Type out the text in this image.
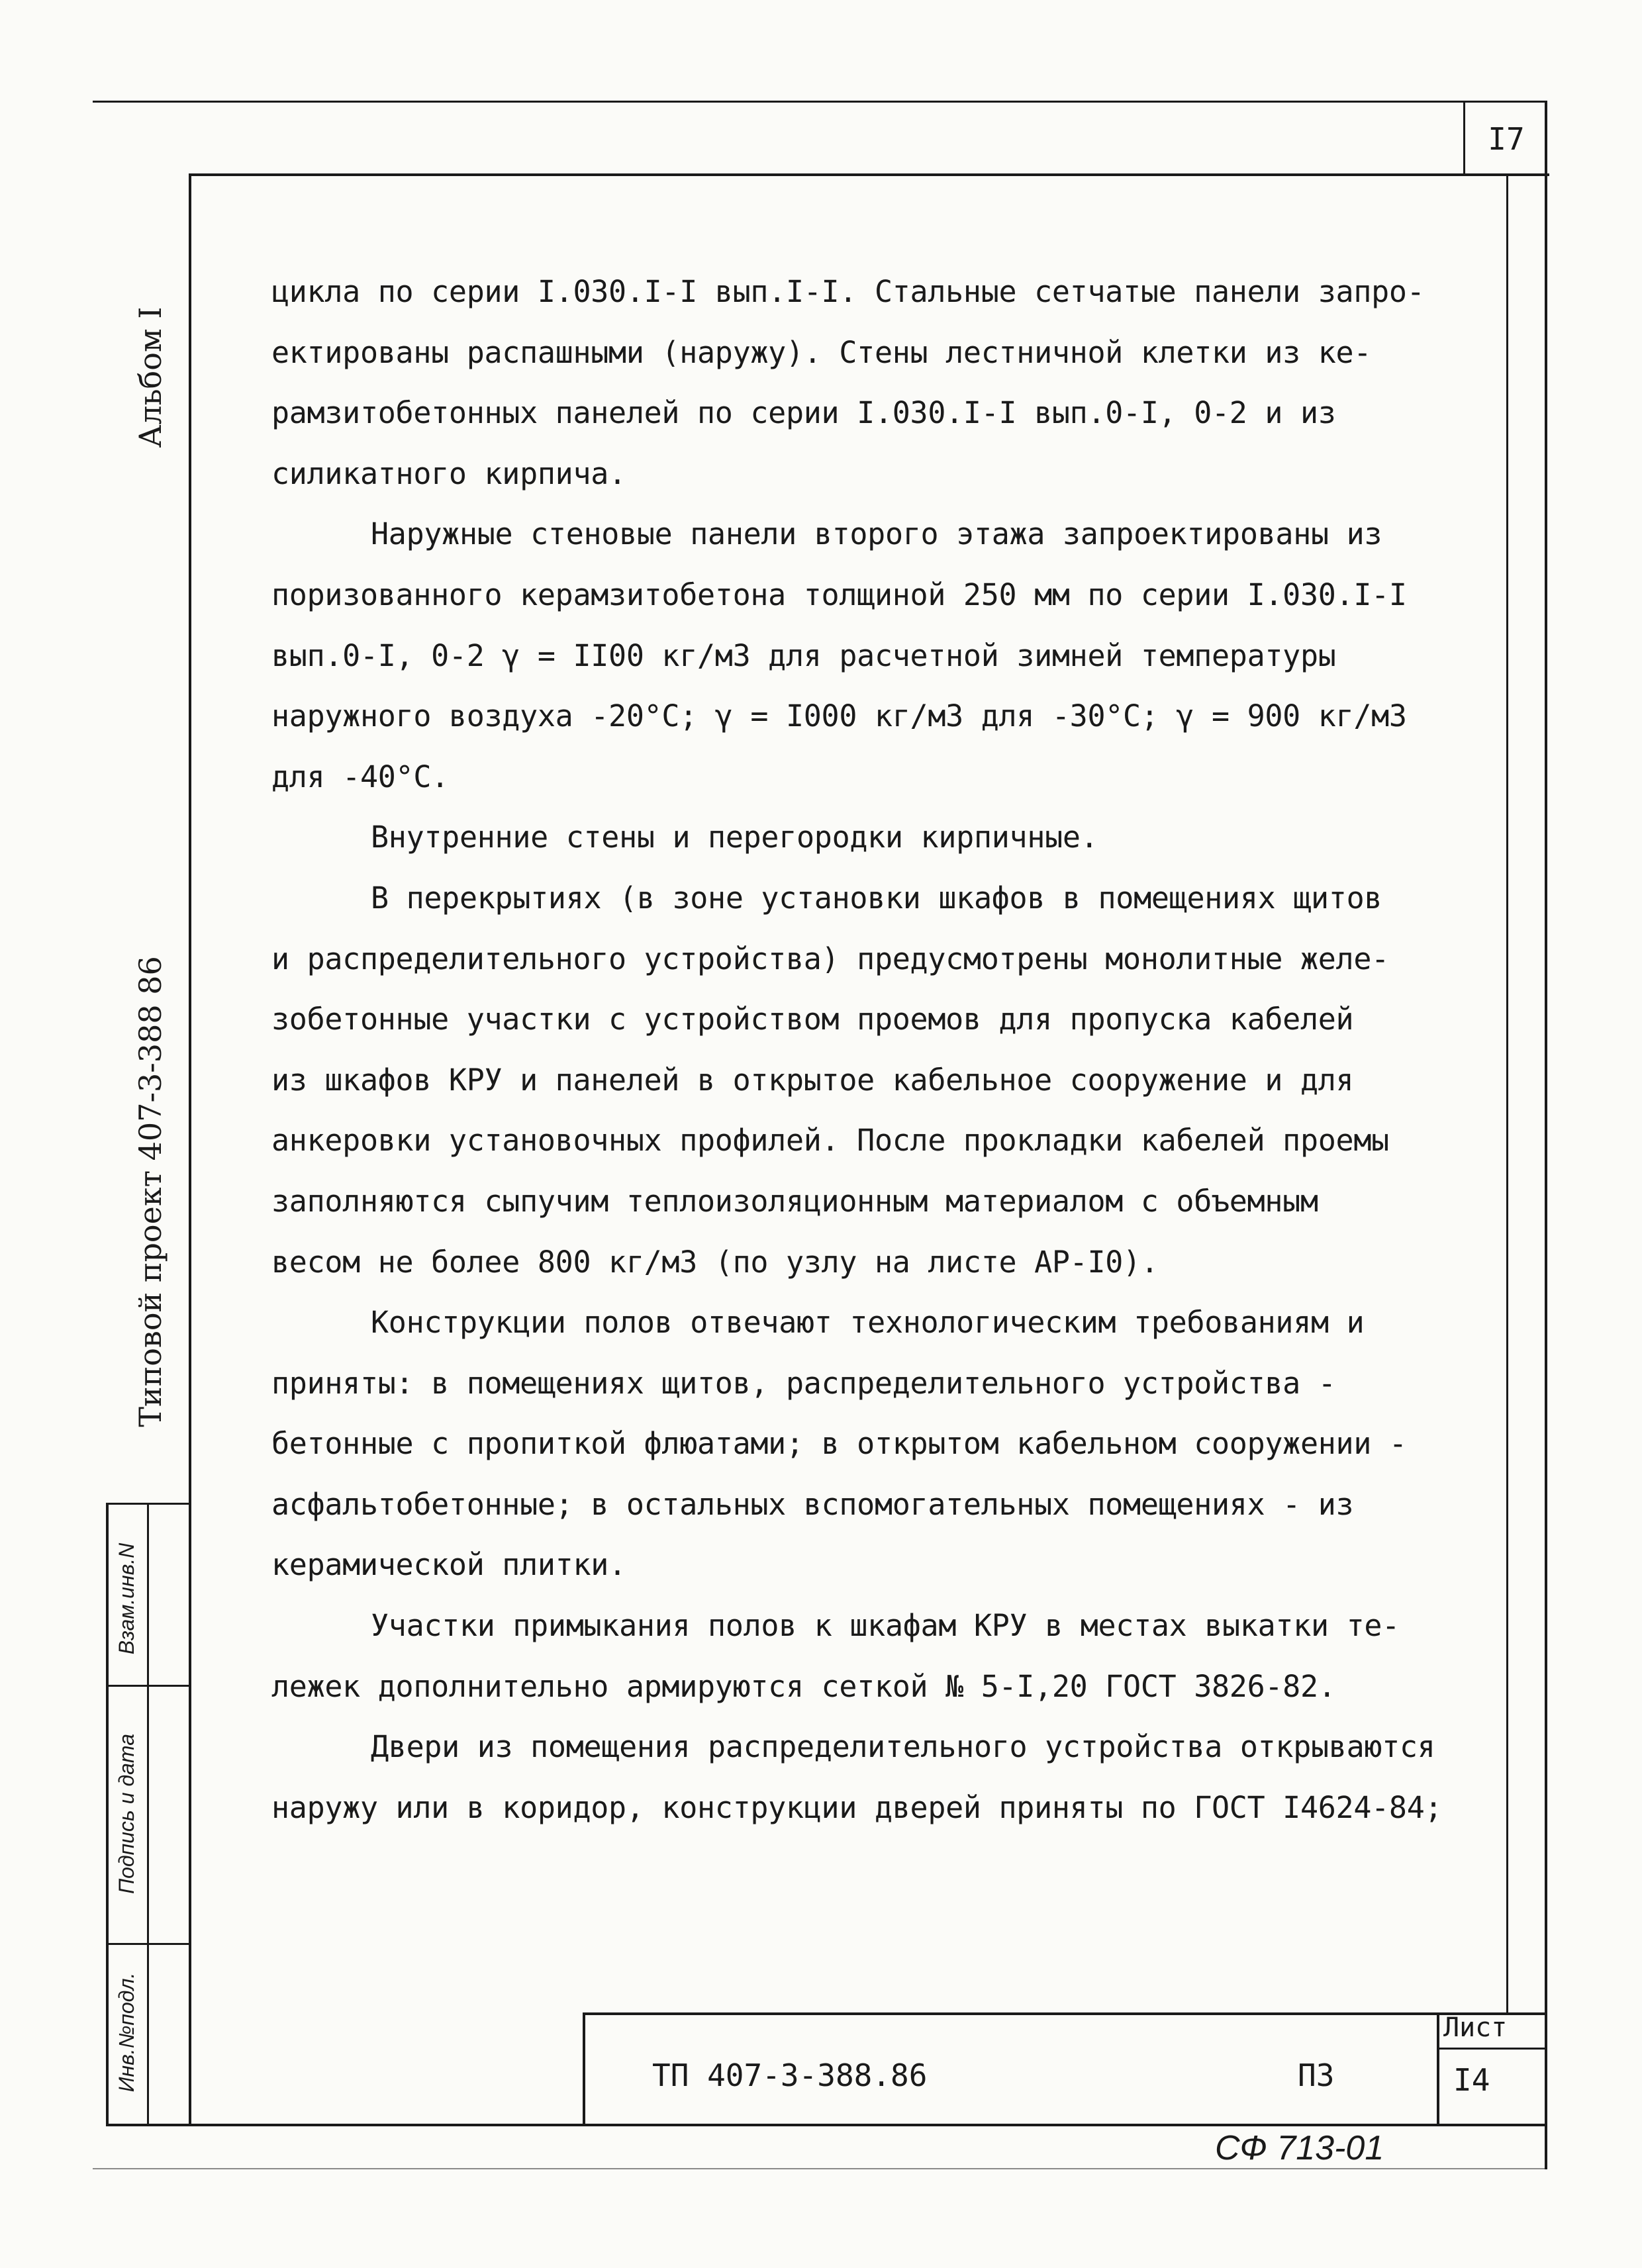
I7
Альбом I
Типовой проект 407-3-388 86
Инв.№подл.
Подпись и дата
Взам.инв.N

цикла по серии I.030.I-I вып.I-I. Стальные сетчатые панели запро-

ектированы распашными (наружу). Стены лестничной клетки из ке-

рамзитобетонных панелей по серии I.030.I-I вып.0-I, 0-2 и из

силикатного кирпича.

Наружные стеновые панели второго этажа запроектированы из

поризованного керамзитобетона толщиной 250 мм по серии I.030.I-I

вып.0-I, 0-2 γ = II00 кг/м3 для расчетной зимней температуры

наружного воздуха -20°С; γ = I000 кг/м3 для -30°С; γ = 900 кг/м3

для -40°С.

Внутренние стены и перегородки кирпичные.

В перекрытиях (в зоне установки шкафов в помещениях щитов

и распределительного устройства) предусмотрены монолитные желе-

зобетонные участки с устройством проемов для пропуска кабелей

из шкафов КРУ и панелей в открытое кабельное сооружение и для

анкеровки установочных профилей. После прокладки кабелей проемы

заполняются сыпучим теплоизоляционным материалом с объемным

весом не более 800 кг/м3 (по узлу на листе АР-I0).

Конструкции полов отвечают технологическим требованиям и

приняты: в помещениях щитов, распределительного устройства -

бетонные с пропиткой флюатами; в открытом кабельном сооружении -

асфальтобетонные; в остальных вспомогательных помещениях - из

керамической плитки.

Участки примыкания полов к шкафам КРУ в местах выкатки те-

лежек дополнительно армируются сеткой № 5-I,20 ГОСТ 3826-82.

Двери из помещения распределительного устройства открываются

наружу или в коридор, конструкции дверей приняты по ГОСТ I4624-84;

ТП 407-3-388.86	ПЗ
Лист
I4
СФ 713-01
